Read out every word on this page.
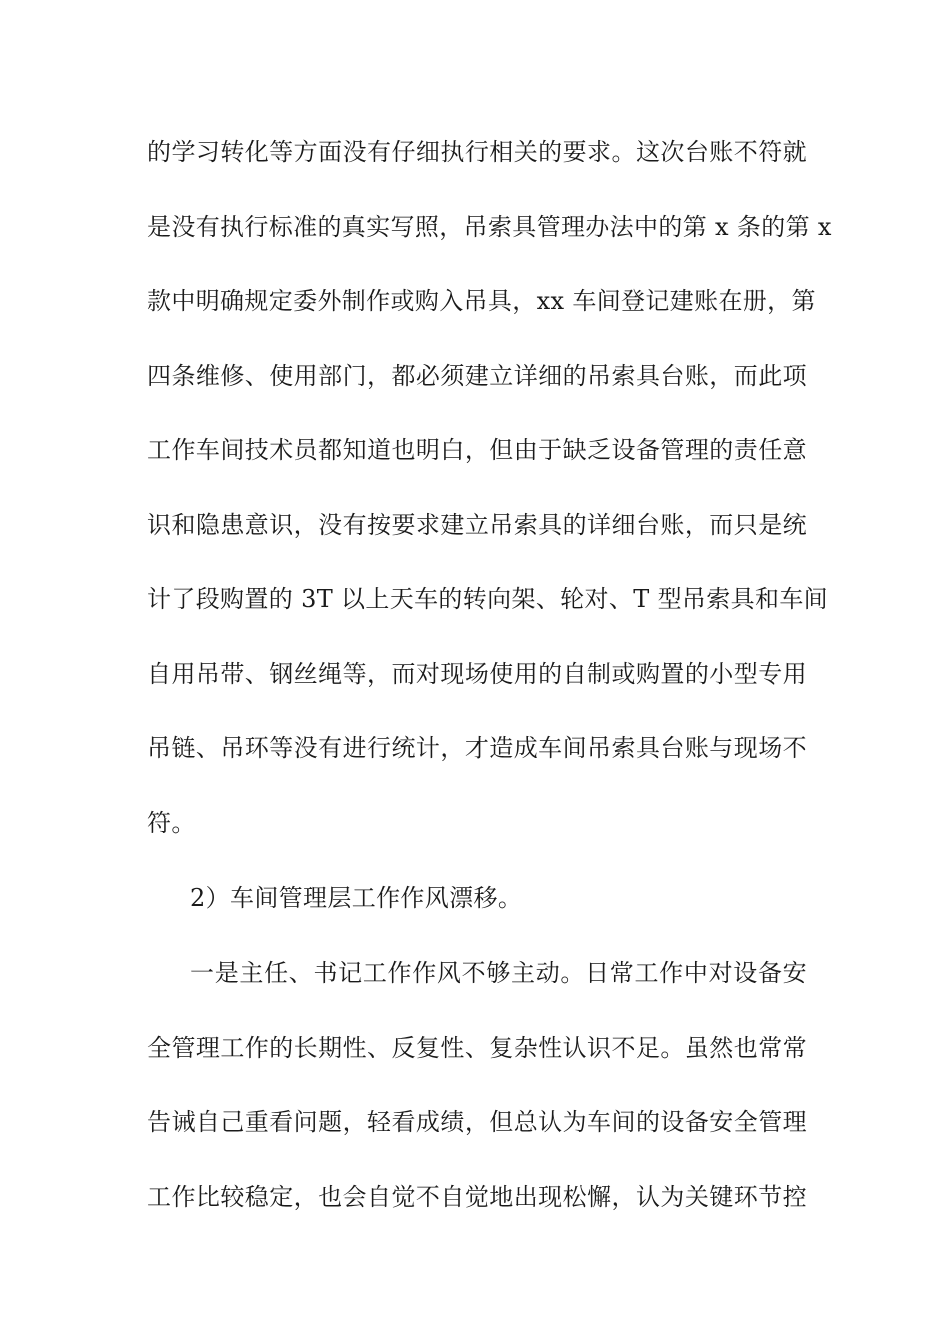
的学习转化等方面没有仔细执行相关的要求。这次台账不符就
是没有执行标准的真实写照，吊索具管理办法中的第 x 条的第 x
款中明确规定委外制作或购入吊具，xx 车间登记建账在册，第
四条维修、使用部门，都必须建立详细的吊索具台账，而此项
工作车间技术员都知道也明白，但由于缺乏设备管理的责任意
识和隐患意识，没有按要求建立吊索具的详细台账，而只是统
计了段购置的 3T 以上天车的转向架、轮对、T 型吊索具和车间
自用吊带、钢丝绳等，而对现场使用的自制或购置的小型专用
吊链、吊环等没有进行统计，才造成车间吊索具台账与现场不
符。
2）车间管理层工作作风漂移。
一是主任、书记工作作风不够主动。日常工作中对设备安
全管理工作的长期性、反复性、复杂性认识不足。虽然也常常
告诫自己重看问题，轻看成绩，但总认为车间的设备安全管理
工作比较稳定，也会自觉不自觉地出现松懈，认为关键环节控
